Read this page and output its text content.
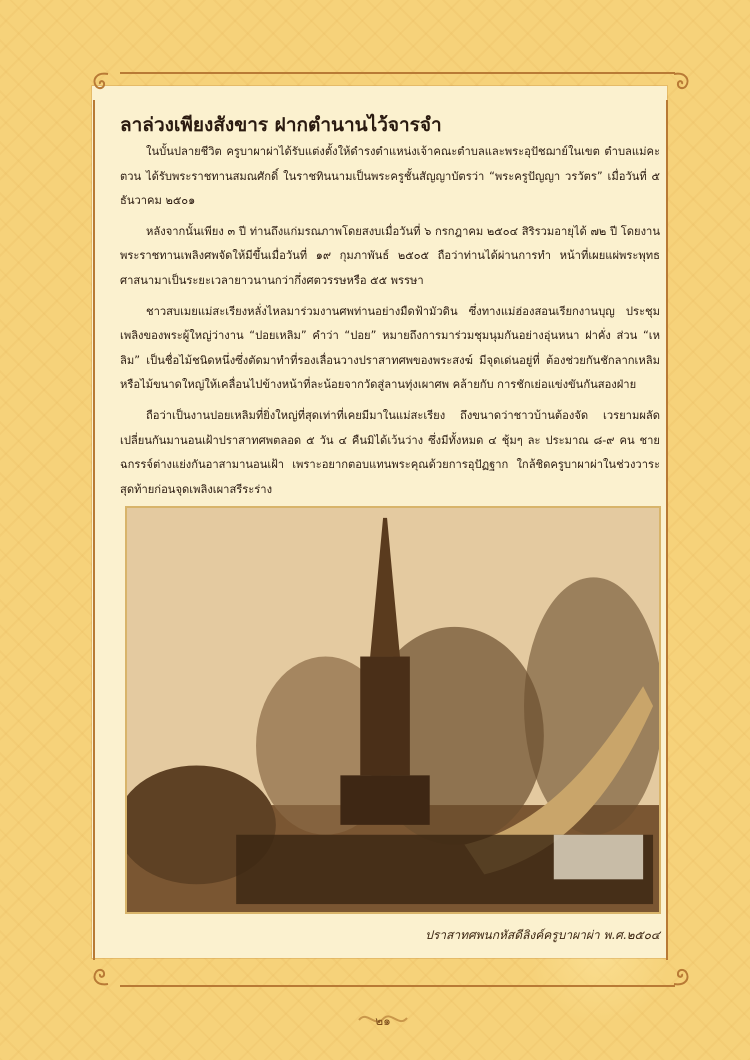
ลาล่วงเพียงสังขาร ฝากตำนานไว้จารจำ

ในบั้นปลายชีวิต ครูบาผาผ่าได้รับแต่งตั้งให้ดำรงตำแหน่งเจ้าคณะตำบลและพระอุปัชฌาย์ในเขต ตำบลแม่คะตวน ได้รับพระราชทานสมณศักดิ์ ในราชทินนามเป็นพระครูชั้นสัญญาบัตรว่า “พระครูปัญญา วรวัตร” เมื่อวันที่ ๕ ธันวาคม ๒๕๐๑

หลังจากนั้นเพียง ๓ ปี ท่านถึงแก่มรณภาพโดยสงบเมื่อวันที่ ๖ กรกฎาคม ๒๕๐๔ สิริรวมอายุได้ ๗๒ ปี โดยงานพระราชทานเพลิงศพจัดให้มีขึ้นเมื่อวันที่ ๑๙ กุมภาพันธ์ ๒๕๐๕ ถือว่าท่านได้ผ่านการทำ หน้าที่เผยแผ่พระพุทธศาสนามาเป็นระยะเวลายาวนานกว่ากึ่งศตวรรษหรือ ๕๕ พรรษา

ชาวสบเมยแม่สะเรียงหลั่งไหลมาร่วมงานศพท่านอย่างมืดฟ้ามัวดิน ซึ่งทางแม่ฮ่องสอนเรียกงานบุญ ประชุมเพลิงของพระผู้ใหญ่ว่างาน “ปอยเหลิม” คำว่า “ปอย” หมายถึงการมาร่วมชุมนุมกันอย่างอุ่นหนา ฝาคั่ง ส่วน “เหลิม” เป็นชื่อไม้ชนิดหนึ่งซึ่งตัดมาทำที่รองเลื่อนวางปราสาทศพของพระสงฆ์ มีจุดเด่นอยู่ที่ ต้องช่วยกันชักลากเหลิมหรือไม้ขนาดใหญ่ให้เคลื่อนไปข้างหน้าที่ละน้อยจากวัดสู่ลานทุ่งเผาศพ คล้ายกับ การชักเย่อแข่งขันกันสองฝ่าย

ถือว่าเป็นงานปอยเหลิมที่ยิ่งใหญ่ที่สุดเท่าที่เคยมีมาในแม่สะเรียง ถึงขนาดว่าชาวบ้านต้องจัด เวรยามผลัดเปลี่ยนกันมานอนเฝ้าปราสาทศพตลอด ๕ วัน ๔ คืนมิได้เว้นว่าง ซึ่งมีทั้งหมด ๔ ชุ้มๆ ละ ประมาณ ๘-๙ คน ชายฉกรรจ์ต่างแย่งกันอาสามานอนเฝ้า เพราะอยากตอบแทนพระคุณด้วยการอุปัฏฐาก ใกล้ชิดครูบาผาผ่าในช่วงวาระสุดท้ายก่อนจุดเพลิงเผาสรีระร่าง

ปราสาทศพนกหัสดีลิงค์ครูบาผาผ่า พ.ศ.๒๕๐๔
๒๑
